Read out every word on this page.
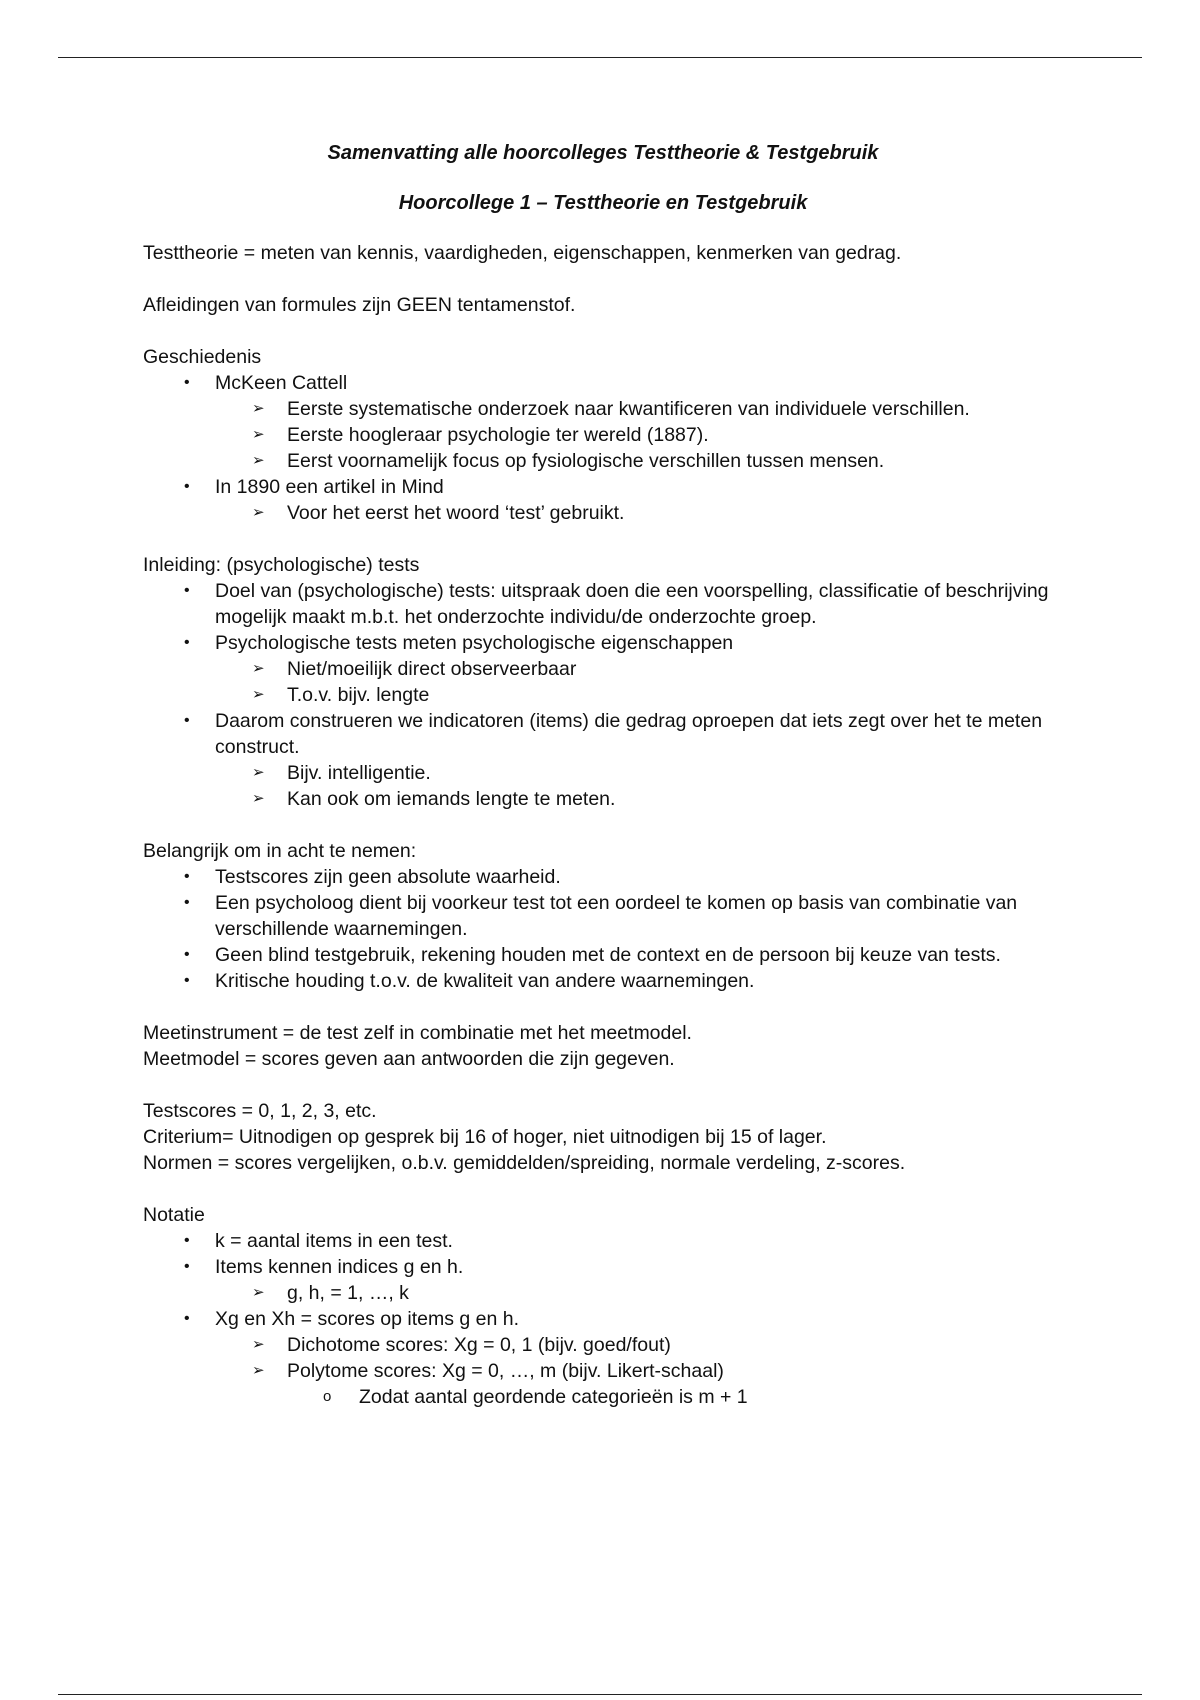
Samenvatting alle hoorcolleges Testtheorie & Testgebruik

Hoorcollege 1 – Testtheorie en Testgebruik

Testtheorie = meten van kennis, vaardigheden, eigenschappen, kenmerken van gedrag.

Afleidingen van formules zijn GEEN tentamenstof.

Geschiedenis

• McKeen Cattell
➢ Eerste systematische onderzoek naar kwantificeren van individuele verschillen.
➢ Eerste hoogleraar psychologie ter wereld (1887).
➢ Eerst voornamelijk focus op fysiologische verschillen tussen mensen.
• In 1890 een artikel in Mind
➢ Voor het eerst het woord ‘test’ gebruikt.

Inleiding: (psychologische) tests

• Doel van (psychologische) tests: uitspraak doen die een voorspelling, classificatie of beschrijving mogelijk maakt m.b.t. het onderzochte individu/de onderzochte groep.
• Psychologische tests meten psychologische eigenschappen
➢ Niet/moeilijk direct observeerbaar
➢ T.o.v. bijv. lengte
• Daarom construeren we indicatoren (items) die gedrag oproepen dat iets zegt over het te meten construct.
➢ Bijv. intelligentie.
➢ Kan ook om iemands lengte te meten.

Belangrijk om in acht te nemen:

• Testscores zijn geen absolute waarheid.
• Een psycholoog dient bij voorkeur test tot een oordeel te komen op basis van combinatie van verschillende waarnemingen.
• Geen blind testgebruik, rekening houden met de context en de persoon bij keuze van tests.
• Kritische houding t.o.v. de kwaliteit van andere waarnemingen.

Meetinstrument = de test zelf in combinatie met het meetmodel.

Meetmodel = scores geven aan antwoorden die zijn gegeven.

Testscores = 0, 1, 2, 3, etc.

Criterium= Uitnodigen op gesprek bij 16 of hoger, niet uitnodigen bij 15 of lager.

Normen = scores vergelijken, o.b.v. gemiddelden/spreiding, normale verdeling, z-scores.

Notatie

• k = aantal items in een test.
• Items kennen indices g en h.
➢ g, h, = 1, …, k
• Xg en Xh = scores op items g en h.
➢ Dichotome scores: Xg = 0, 1 (bijv. goed/fout)
➢ Polytome scores: Xg = 0, …, m (bijv. Likert-schaal)
o Zodat aantal geordende categorieën is m + 1
